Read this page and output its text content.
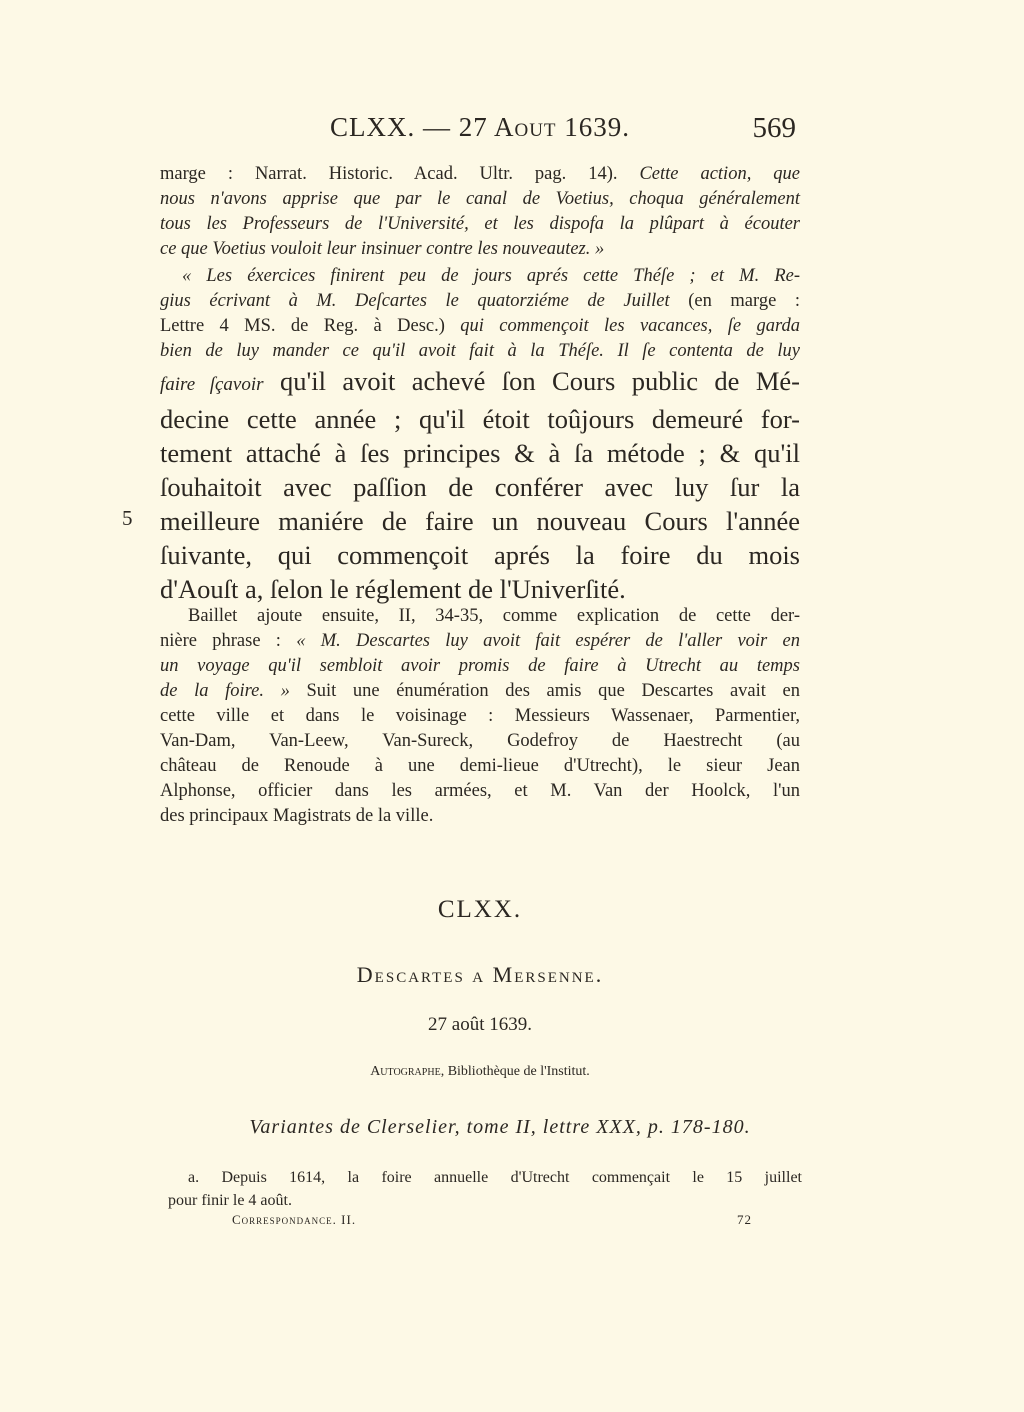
CLXX. — 27 Aout 1639.	569
marge : Narrat. Historic. Acad. Ultr. pag. 14). Cette action, que
nous n'avons apprise que par le canal de Voetius, choqua généralement
tous les Professeurs de l'Université, et les dispofa la plûpart à écouter
ce que Voetius vouloit leur insinuer contre les nouveautez. »
« Les éxercices finirent peu de jours aprés cette Théſe ; et M. Re-
gius écrivant à M. Deſcartes le quatorziéme de Juillet (en marge :
Lettre 4 MS. de Reg. à Desc.) qui commençoit les vacances, ſe garda
bien de luy mander ce qu'il avoit fait à la Théſe. Il ſe contenta de luy
faire ſçavoir qu'il avoit achevé ſon Cours public de Mé-
decine cette année ; qu'il étoit toûjours demeuré for-
tement attaché à ſes principes & à ſa métode ; & qu'il
ſouhaitoit avec paſſion de conférer avec luy ſur la
meilleure maniére de faire un nouveau Cours l'année
ſuivante, qui commençoit aprés la foire du mois
d'Aouſt a, ſelon le réglement de l'Univerſité.
5
Baillet ajoute ensuite, II, 34-35, comme explication de cette der-
nière phrase : « M. Descartes luy avoit fait espérer de l'aller voir en
un voyage qu'il sembloit avoir promis de faire à Utrecht au temps
de la foire. » Suit une énumération des amis que Descartes avait en
cette ville et dans le voisinage : Messieurs Wassenaer, Parmentier,
Van-Dam, Van-Leew, Van-Sureck, Godefroy de Haestrecht (au
château de Renoude à une demi-lieue d'Utrecht), le sieur Jean
Alphonse, officier dans les armées, et M. Van der Hoolck, l'un
des principaux Magistrats de la ville.
CLXX.
Descartes a Mersenne.
27 août 1639.
Autographe, Bibliothèque de l'Institut.
Variantes de Clerselier, tome II, lettre XXX, p. 178-180.
a. Depuis 1614, la foire annuelle d'Utrecht commençait le 15 juillet
pour finir le 4 août.
Correspondance. II.	72
